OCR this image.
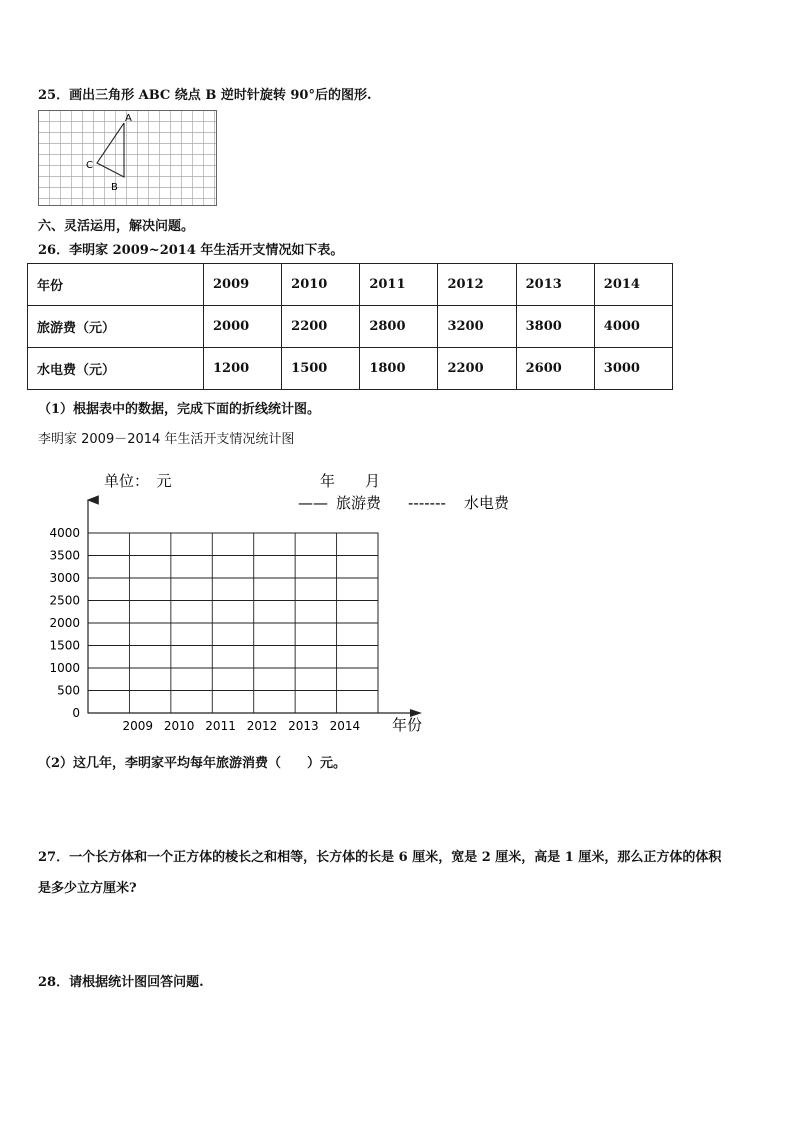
25．画出三角形 ABC 绕点 B 逆时针旋转 90°后的图形.
A
C
B
六、灵活运用，解决问题。
26．李明家 2009~2014 年生活开支情况如下表。
年份	2009	2010	2011	2012	2013	2014
旅游费（元）	2000	2200	2800	3200	3800	4000
水电费（元）	1200	1500	1800	2200	2600	3000
（1）根据表中的数据，完成下面的折线统计图。
李明家 2009－2014 年生活开支情况统计图
单位：　元	年　　月
—— 旅游费 ------- 水电费
0
500
1000
1500
2000
2500
3000
3500
4000
2009 2010 2011 2012 2013 2014 年份
（2）这几年，李明家平均每年旅游消费（　　）元。
27．一个长方体和一个正方体的棱长之和相等，长方体的长是 6 厘米，宽是 2 厘米，高是 1 厘米，那么正方体的体积
是多少立方厘米?
28．请根据统计图回答问题.
